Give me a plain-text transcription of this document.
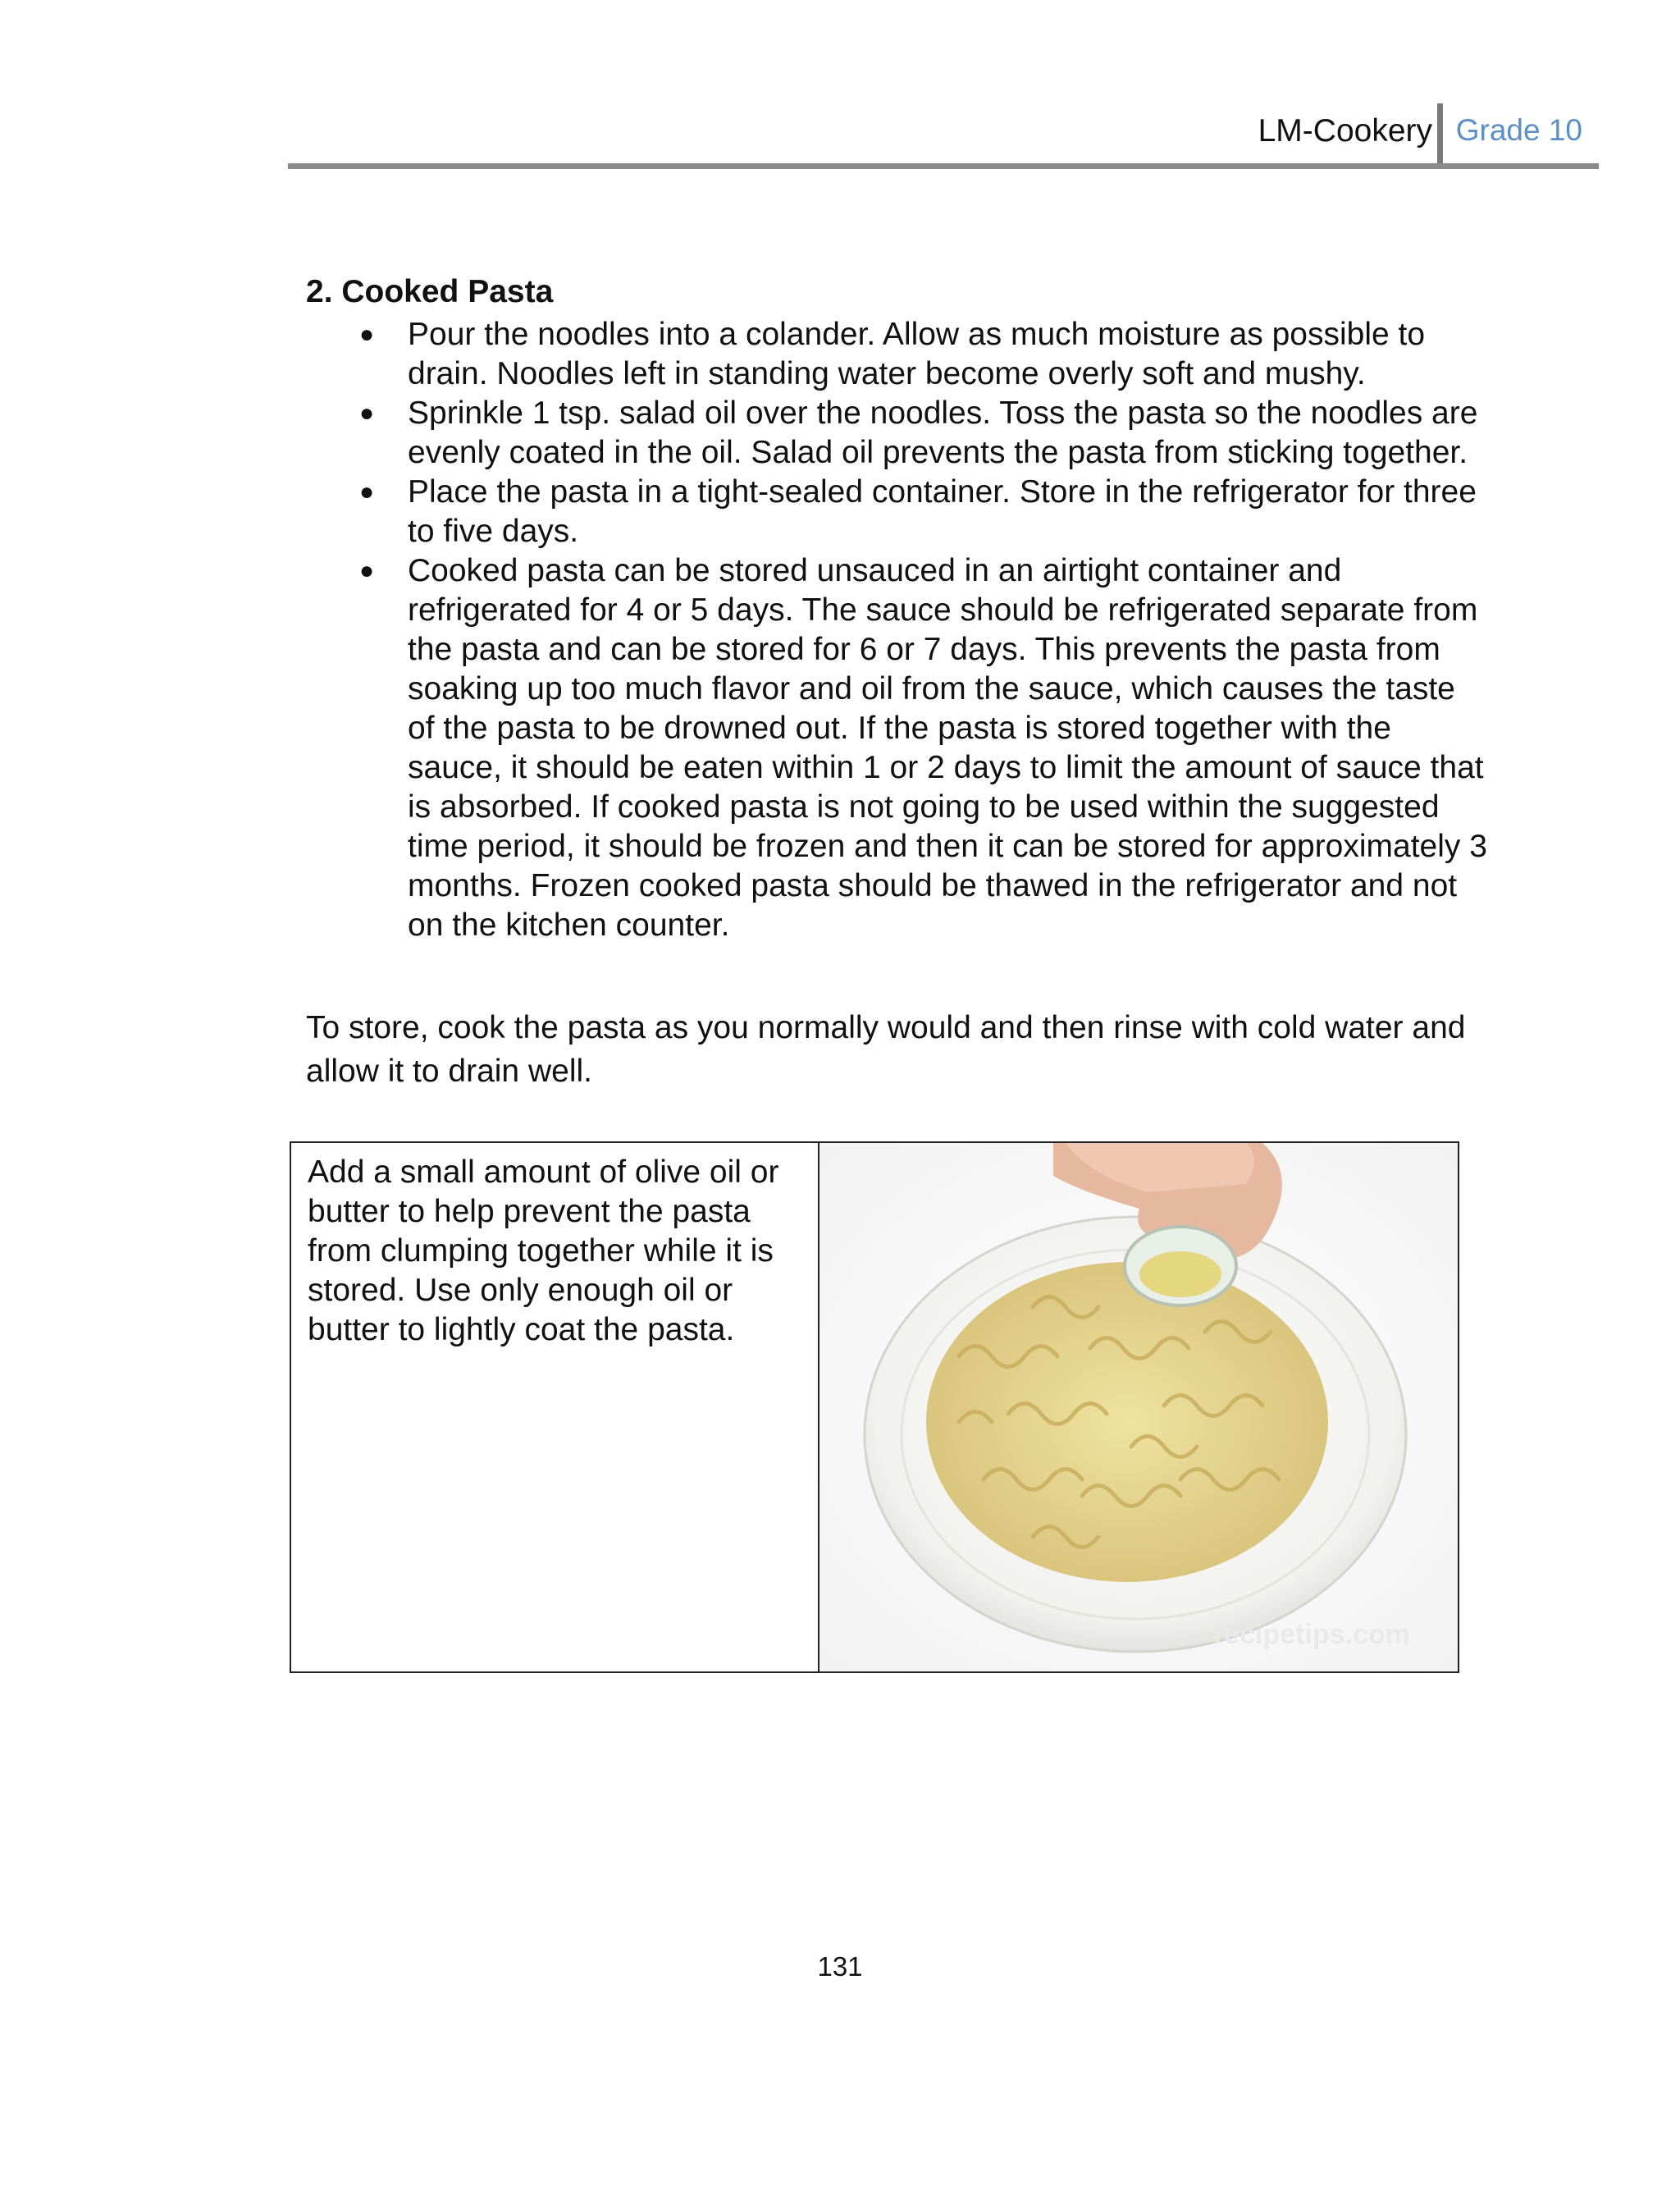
LM-Cookery Grade 10

2. Cooked Pasta

● Pour the noodles into a colander. Allow as much moisture as possible to drain. Noodles left in standing water become overly soft and mushy.
● Sprinkle 1 tsp. salad oil over the noodles. Toss the pasta so the noodles are evenly coated in the oil. Salad oil prevents the pasta from sticking together.
● Place the pasta in a tight-sealed container. Store in the refrigerator for three to five days.
● Cooked pasta can be stored unsauced in an airtight container and refrigerated for 4 or 5 days. The sauce should be refrigerated separate from the pasta and can be stored for 6 or 7 days. This prevents the pasta from soaking up too much flavor and oil from the sauce, which causes the taste of the pasta to be drowned out. If the pasta is stored together with the sauce, it should be eaten within 1 or 2 days to limit the amount of sauce that is absorbed. If cooked pasta is not going to be used within the suggested time period, it should be frozen and then it can be stored for approximately 3 months. Frozen cooked pasta should be thawed in the refrigerator and not on the kitchen counter.

To store, cook the pasta as you normally would and then rinse with cold water and allow it to drain well.

Add a small amount of olive oil or butter to help prevent the pasta from clumping together while it is stored. Use only enough oil or butter to lightly coat the pasta.
recipetips.com
131
